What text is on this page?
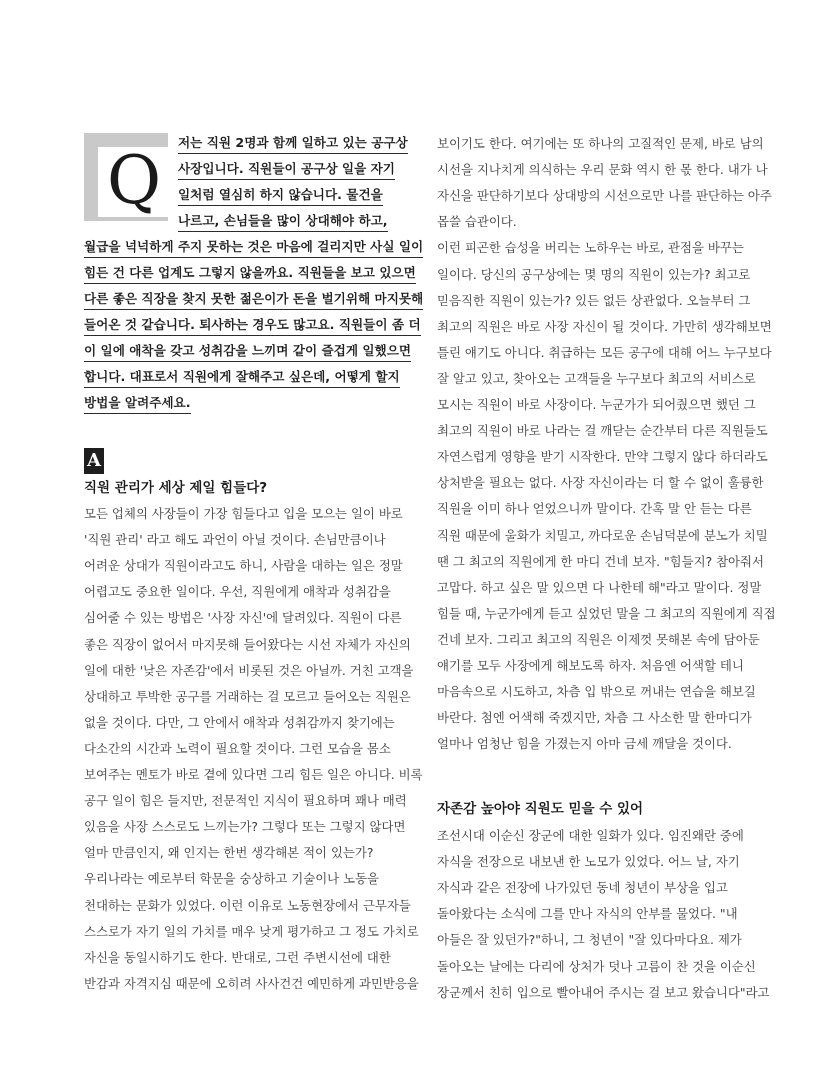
Q 저는 직원 2명과 함께 일하고 있는 공구상
사장입니다. 직원들이 공구상 일을 자기
일처럼 열심히 하지 않습니다. 물건을
나르고, 손님들을 많이 상대해야 하고,
월급을 넉넉하게 주지 못하는 것은 마음에 걸리지만 사실 일이
힘든 건 다른 업계도 그렇지 않을까요. 직원들을 보고 있으면
다른 좋은 직장을 찾지 못한 젊은이가 돈을 벌기위해 마지못해
들어온 것 같습니다. 퇴사하는 경우도 많고요. 직원들이 좀 더
이 일에 애착을 갖고 성취감을 느끼며 같이 즐겁게 일했으면
합니다. 대표로서 직원에게 잘해주고 싶은데, 어떻게 할지
방법을 알려주세요.
A
직원 관리가 세상 제일 힘들다?
모든 업체의 사장들이 가장 힘들다고 입을 모으는 일이 바로
'직원 관리' 라고 해도 과언이 아닐 것이다. 손님만큼이나
어려운 상대가 직원이라고도 하니, 사람을 대하는 일은 정말
어렵고도 중요한 일이다. 우선, 직원에게 애착과 성취감을
심어줄 수 있는 방법은 '사장 자신'에 달려있다. 직원이 다른
좋은 직장이 없어서 마지못해 들어왔다는 시선 자체가 자신의
일에 대한 '낮은 자존감'에서 비롯된 것은 아닐까. 거친 고객을
상대하고 투박한 공구를 거래하는 걸 모르고 들어오는 직원은
없을 것이다. 다만, 그 안에서 애착과 성취감까지 찾기에는
다소간의 시간과 노력이 필요할 것이다. 그런 모습을 몸소
보여주는 멘토가 바로 곁에 있다면 그리 힘든 일은 아니다. 비록
공구 일이 힘은 들지만, 전문적인 지식이 필요하며 꽤나 매력
있음을 사장 스스로도 느끼는가? 그렇다 또는 그렇지 않다면
얼마 만큼인지, 왜 인지는 한번 생각해본 적이 있는가?
우리나라는 예로부터 학문을 숭상하고 기술이나 노동을
천대하는 문화가 있었다. 이런 이유로 노동현장에서 근무자들
스스로가 자기 일의 가치를 매우 낮게 평가하고 그 정도 가치로
자신을 동일시하기도 한다. 반대로, 그런 주변시선에 대한
반감과 자격지심 때문에 오히려 사사건건 예민하게 과민반응을
보이기도 한다. 여기에는 또 하나의 고질적인 문제, 바로 남의
시선을 지나치게 의식하는 우리 문화 역시 한 몫 한다. 내가 나
자신을 판단하기보다 상대방의 시선으로만 나를 판단하는 아주
몹쓸 습관이다.
이런 피곤한 습성을 버리는 노하우는 바로, 관점을 바꾸는
일이다. 당신의 공구상에는 몇 명의 직원이 있는가? 최고로
믿음직한 직원이 있는가? 있든 없든 상관없다. 오늘부터 그
최고의 직원은 바로 사장 자신이 될 것이다. 가만히 생각해보면
틀린 얘기도 아니다. 취급하는 모든 공구에 대해 어느 누구보다
잘 알고 있고, 찾아오는 고객들을 누구보다 최고의 서비스로
모시는 직원이 바로 사장이다. 누군가가 되어줬으면 했던 그
최고의 직원이 바로 나라는 걸 깨닫는 순간부터 다른 직원들도
자연스럽게 영향을 받기 시작한다. 만약 그렇지 않다 하더라도
상처받을 필요는 없다. 사장 자신이라는 더 할 수 없이 훌륭한
직원을 이미 하나 얻었으니까 말이다. 간혹 말 안 듣는 다른
직원 때문에 울화가 치밀고, 까다로운 손님덕분에 분노가 치밀
땐 그 최고의 직원에게 한 마디 건네 보자. "힘들지? 참아줘서
고맙다. 하고 싶은 말 있으면 다 나한테 해"라고 말이다. 정말
힘들 때, 누군가에게 듣고 싶었던 말을 그 최고의 직원에게 직접
건네 보자. 그리고 최고의 직원은 이제껏 못해본 속에 담아둔
얘기를 모두 사장에게 해보도록 하자. 처음엔 어색할 테니
마음속으로 시도하고, 차츰 입 밖으로 꺼내는 연습을 해보길
바란다. 첨엔 어색해 죽겠지만, 차츰 그 사소한 말 한마디가
얼마나 엄청난 힘을 가졌는지 아마 금세 깨달을 것이다.
자존감 높아야 직원도 믿을 수 있어
조선시대 이순신 장군에 대한 일화가 있다. 임진왜란 중에
자식을 전장으로 내보낸 한 노모가 있었다. 어느 날, 자기
자식과 같은 전장에 나가있던 동네 청년이 부상을 입고
돌아왔다는 소식에 그를 만나 자식의 안부를 물었다. "내
아들은 잘 있던가?"하니, 그 청년이 "잘 있다마다요. 제가
돌아오는 날에는 다리에 상처가 덧나 고름이 찬 것을 이순신
장군께서 친히 입으로 빨아내어 주시는 걸 보고 왔습니다"라고
